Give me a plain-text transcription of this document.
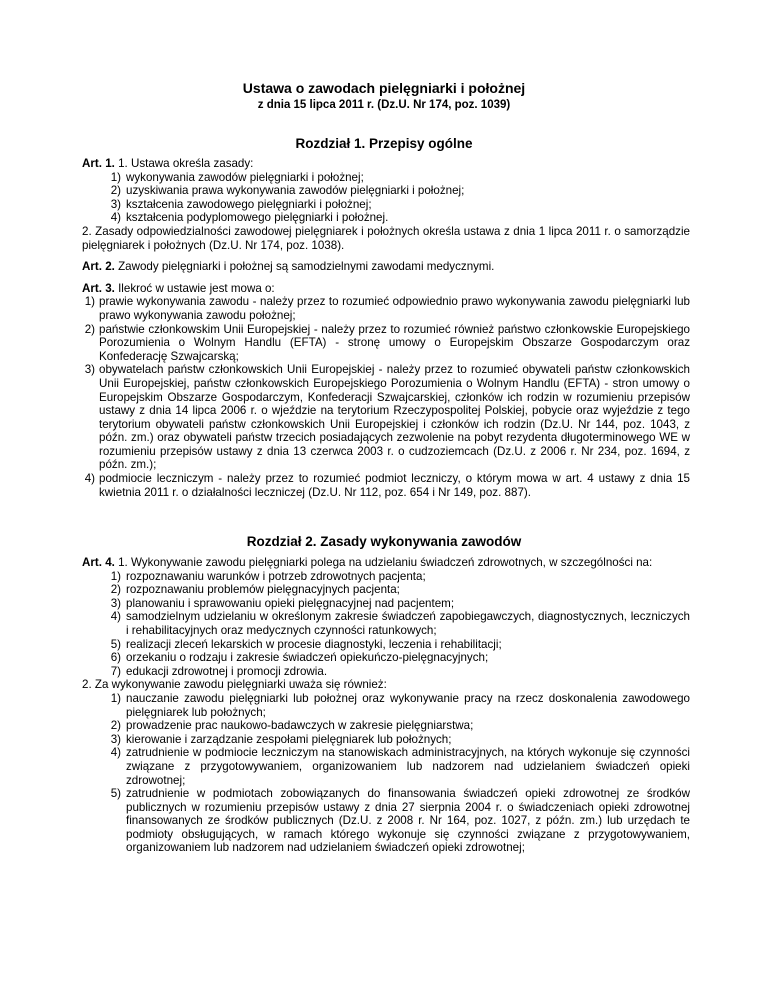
Ustawa o zawodach pielęgniarki i położnej
z dnia 15 lipca 2011 r. (Dz.U. Nr 174, poz. 1039)
Rozdział 1. Przepisy ogólne

Art. 1. 1. Ustawa określa zasady:

1) wykonywania zawodów pielęgniarki i położnej;
2) uzyskiwania prawa wykonywania zawodów pielęgniarki i położnej;
3) kształcenia zawodowego pielęgniarki i położnej;
4) kształcenia podyplomowego pielęgniarki i położnej.

2. Zasady odpowiedzialności zawodowej pielęgniarek i położnych określa ustawa z dnia 1 lipca 2011 r. o samorządzie pielęgniarek i położnych (Dz.U. Nr 174, poz. 1038).

Art. 2. Zawody pielęgniarki i położnej są samodzielnymi zawodami medycznymi.

Art. 3. Ilekroć w ustawie jest mowa o:

1) prawie wykonywania zawodu - należy przez to rozumieć odpowiednio prawo wykonywania zawodu pielęgniarki lub prawo wykonywania zawodu położnej;
2) państwie członkowskim Unii Europejskiej - należy przez to rozumieć również państwo członkowskie Europejskiego Porozumienia o Wolnym Handlu (EFTA) - stronę umowy o Europejskim Obszarze Gospodarczym oraz Konfederację Szwajcarską;
3) obywatelach państw członkowskich Unii Europejskiej - należy przez to rozumieć obywateli państw członkowskich Unii Europejskiej, państw członkowskich Europejskiego Porozumienia o Wolnym Handlu (EFTA) - stron umowy o Europejskim Obszarze Gospodarczym, Konfederacji Szwajcarskiej, członków ich rodzin w rozumieniu przepisów ustawy z dnia 14 lipca 2006 r. o wjeździe na terytorium Rzeczypospolitej Polskiej, pobycie oraz wyjeździe z tego terytorium obywateli państw członkowskich Unii Europejskiej i członków ich rodzin (Dz.U. Nr 144, poz. 1043, z późn. zm.) oraz obywateli państw trzecich posiadających zezwolenie na pobyt rezydenta długoterminowego WE w rozumieniu przepisów ustawy z dnia 13 czerwca 2003 r. o cudzoziemcach (Dz.U. z 2006 r. Nr 234, poz. 1694, z późn. zm.);
4) podmiocie leczniczym - należy przez to rozumieć podmiot leczniczy, o którym mowa w art. 4 ustawy z dnia 15 kwietnia 2011 r. o działalności leczniczej (Dz.U. Nr 112, poz. 654 i Nr 149, poz. 887).
Rozdział 2. Zasady wykonywania zawodów

Art. 4. 1. Wykonywanie zawodu pielęgniarki polega na udzielaniu świadczeń zdrowotnych, w szczególności na:

1) rozpoznawaniu warunków i potrzeb zdrowotnych pacjenta;
2) rozpoznawaniu problemów pielęgnacyjnych pacjenta;
3) planowaniu i sprawowaniu opieki pielęgnacyjnej nad pacjentem;
4) samodzielnym udzielaniu w określonym zakresie świadczeń zapobiegawczych, diagnostycznych, leczniczych i rehabilitacyjnych oraz medycznych czynności ratunkowych;
5) realizacji zleceń lekarskich w procesie diagnostyki, leczenia i rehabilitacji;
6) orzekaniu o rodzaju i zakresie świadczeń opiekuńczo-pielęgnacyjnych;
7) edukacji zdrowotnej i promocji zdrowia.

2. Za wykonywanie zawodu pielęgniarki uważa się również:

1) nauczanie zawodu pielęgniarki lub położnej oraz wykonywanie pracy na rzecz doskonalenia zawodowego pielęgniarek lub położnych;
2) prowadzenie prac naukowo-badawczych w zakresie pielęgniarstwa;
3) kierowanie i zarządzanie zespołami pielęgniarek lub położnych;
4) zatrudnienie w podmiocie leczniczym na stanowiskach administracyjnych, na których wykonuje się czynności związane z przygotowywaniem, organizowaniem lub nadzorem nad udzielaniem świadczeń opieki zdrowotnej;
5) zatrudnienie w podmiotach zobowiązanych do finansowania świadczeń opieki zdrowotnej ze środków publicznych w rozumieniu przepisów ustawy z dnia 27 sierpnia 2004 r. o świadczeniach opieki zdrowotnej finansowanych ze środków publicznych (Dz.U. z 2008 r. Nr 164, poz. 1027, z późn. zm.) lub urzędach te podmioty obsługujących, w ramach którego wykonuje się czynności związane z przygotowywaniem, organizowaniem lub nadzorem nad udzielaniem świadczeń opieki zdrowotnej;
